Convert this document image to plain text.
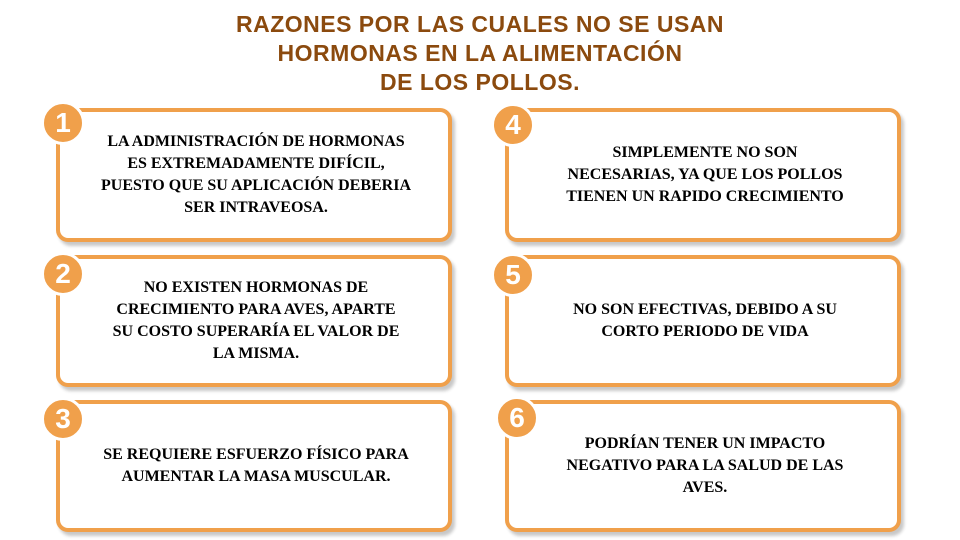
RAZONES POR LAS CUALES NO SE USAN
HORMONAS EN LA ALIMENTACIÓN
DE LOS POLLOS.
1
LA ADMINISTRACIÓN DE HORMONAS
ES EXTREMADAMENTE DIFÍCIL,
PUESTO QUE SU APLICACIÓN DEBERIA
SER INTRAVEOSA.
2	NO EXISTEN HORMONAS DE
CRECIMIENTO PARA AVES, APARTE
SU COSTO SUPERARÍA EL VALOR DE
LA MISMA.
3
SE REQUIERE ESFUERZO FÍSICO PARA
AUMENTAR LA MASA MUSCULAR.
4
SIMPLEMENTE NO SON
NECESARIAS, YA QUE LOS POLLOS
TIENEN UN RAPIDO CRECIMIENTO
5
NO SON EFECTIVAS, DEBIDO A SU
CORTO PERIODO DE VIDA
6
PODRÍAN TENER UN IMPACTO
NEGATIVO PARA LA SALUD DE LAS
AVES.
